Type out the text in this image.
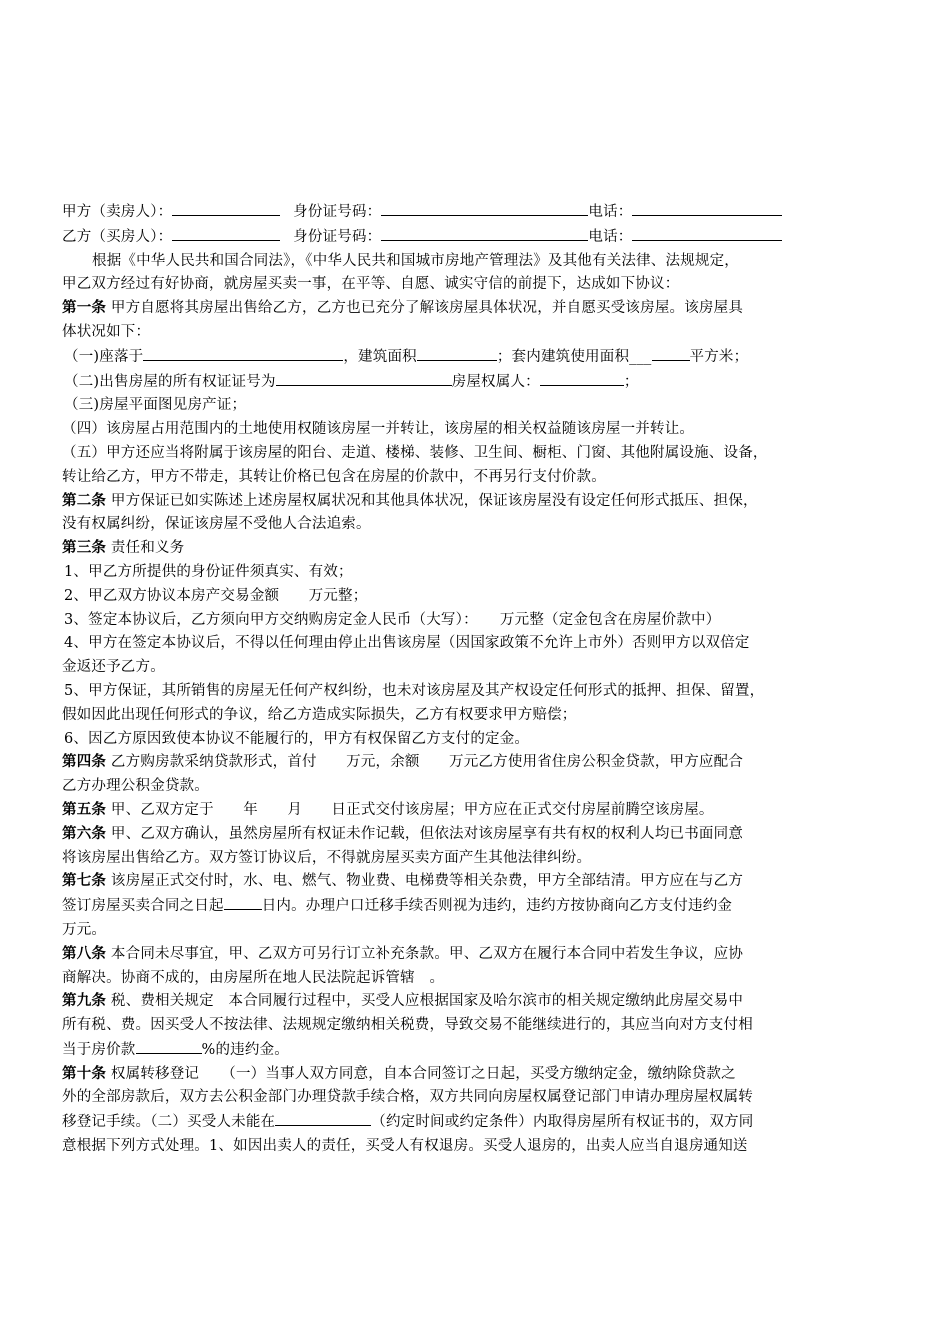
甲方（卖房人）：	身份证号码：	电话：
乙方（买房人）：	身份证号码：	电话：
根据《中华人民共和国合同法》，《中华人民共和国城市房地产管理法》及其他有关法律、法规规定，
甲乙双方经过有好协商，就房屋买卖一事，在平等、自愿、诚实守信的前提下，达成如下协议：
第一条 甲方自愿将其房屋出售给乙方，乙方也已充分了解该房屋具体状况，并自愿买受该房屋。该房屋具
体状况如下：
（一)座落于	，建筑面积	；套内建筑使用面积___	平方米；
（二)出售房屋的所有权证证号为	房屋权属人：	；
（三)房屋平面图见房产证；
（四）该房屋占用范围内的土地使用权随该房屋一并转让，该房屋的相关权益随该房屋一并转让。
（五）甲方还应当将附属于该房屋的阳台、走道、楼梯、装修、卫生间、橱柜、门窗、其他附属设施、设备，
转让给乙方，甲方不带走，其转让价格已包含在房屋的价款中，不再另行支付价款。
第二条 甲方保证已如实陈述上述房屋权属状况和其他具体状况，保证该房屋没有设定任何形式抵压、担保，
没有权属纠纷，保证该房屋不受他人合法追索。
第三条 责任和义务
1、甲乙方所提供的身份证件须真实、有效；
2、甲乙双方协议本房产交易金额　　万元整；
3、签定本协议后，乙方须向甲方交纳购房定金人民币（大写）：　　万元整（定金包含在房屋价款中）
4、甲方在签定本协议后，不得以任何理由停止出售该房屋（因国家政策不允许上市外）否则甲方以双倍定
金返还予乙方。
5、甲方保证，其所销售的房屋无任何产权纠纷，也未对该房屋及其产权设定任何形式的抵押、担保、留置，
假如因此出现任何形式的争议，给乙方造成实际损失，乙方有权要求甲方赔偿；
6、因乙方原因致使本协议不能履行的，甲方有权保留乙方支付的定金。
第四条 乙方购房款采纳贷款形式，首付　　万元，余额　　万元乙方使用省住房公积金贷款，甲方应配合
乙方办理公积金贷款。
第五条 甲、乙双方定于　　年　　月　　日正式交付该房屋；甲方应在正式交付房屋前腾空该房屋。
第六条 甲、乙双方确认，虽然房屋所有权证未作记载，但依法对该房屋享有共有权的权利人均已书面同意
将该房屋出售给乙方。双方签订协议后，不得就房屋买卖方面产生其他法律纠纷。
第七条 该房屋正式交付时，水、电、燃气、物业费、电梯费等相关杂费，甲方全部结清。甲方应在与乙方
签订房屋买卖合同之日起	日内。办理户口迁移手续否则视为违约，违约方按协商向乙方支付违约金
万元。
第八条 本合同未尽事宜，甲、乙双方可另行订立补充条款。甲、乙双方在履行本合同中若发生争议，应协
商解决。协商不成的，由房屋所在地人民法院起诉管辖　。
第九条 税、费相关规定　本合同履行过程中，买受人应根据国家及哈尔滨市的相关规定缴纳此房屋交易中
所有税、费。因买受人不按法律、法规规定缴纳相关税费，导致交易不能继续进行的，其应当向对方支付相
当于房价款	%的违约金。
第十条 权属转移登记　　（一）当事人双方同意，自本合同签订之日起，买受方缴纳定金，缴纳除贷款之
外的全部房款后，双方去公积金部门办理贷款手续合格，双方共同向房屋权属登记部门申请办理房屋权属转
移登记手续。（二）买受人未能在	（约定时间或约定条件）内取得房屋所有权证书的，双方同
意根据下列方式处理。1、如因出卖人的责任，买受人有权退房。买受人退房的，出卖人应当自退房通知送
